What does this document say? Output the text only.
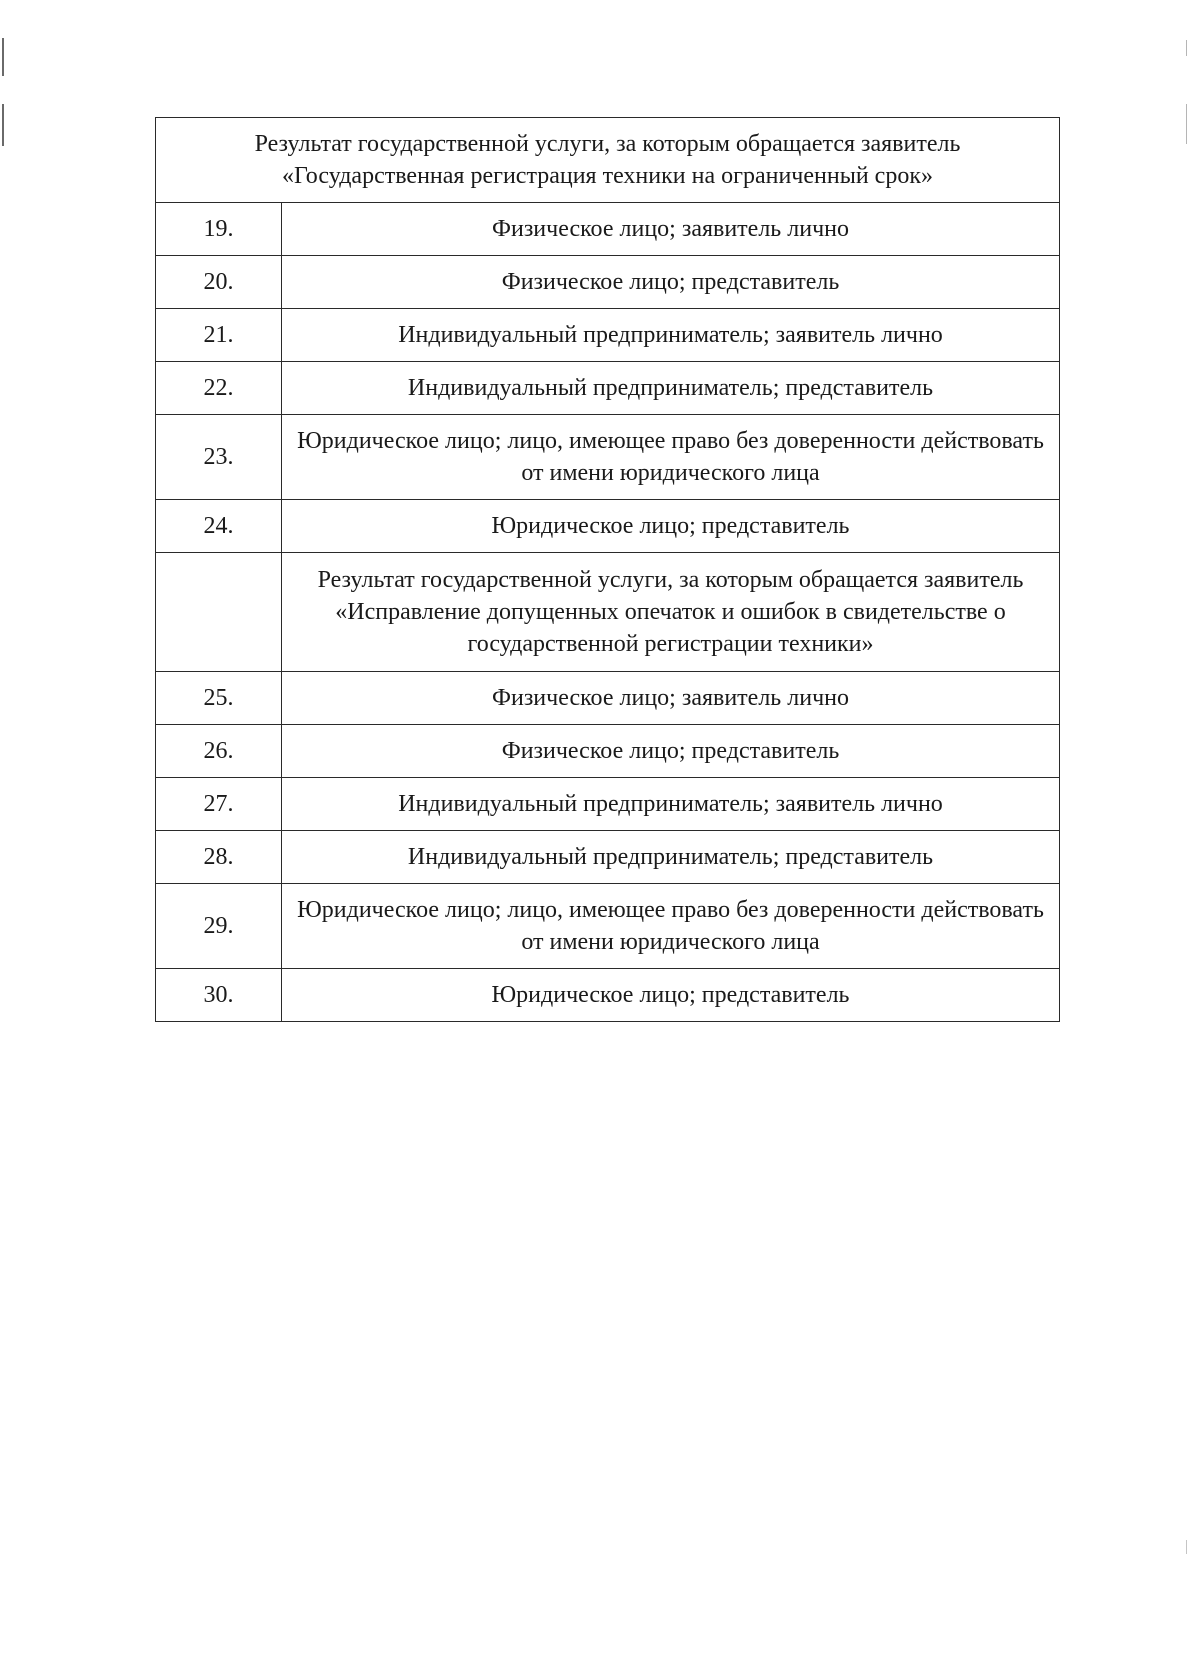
Результат государственной услуги, за которым обращается заявитель «Государственная регистрация техники на ограниченный срок»	
19.	Физическое лицо; заявитель лично
20.	Физическое лицо; представитель
21.	Индивидуальный предприниматель; заявитель лично
22.	Индивидуальный предприниматель; представитель
23.	Юридическое лицо; лицо, имеющее право без доверенности действовать от имени юридического лица
24.	Юридическое лицо; представитель
	Результат государственной услуги, за которым обращается заявитель «Исправление допущенных опечаток и ошибок в свидетельстве о государственной регистрации техники»
25.	Физическое лицо; заявитель лично
26.	Физическое лицо; представитель
27.	Индивидуальный предприниматель; заявитель лично
28.	Индивидуальный предприниматель; представитель
29.	Юридическое лицо; лицо, имеющее право без доверенности действовать от имени юридического лица
30.	Юридическое лицо; представитель
